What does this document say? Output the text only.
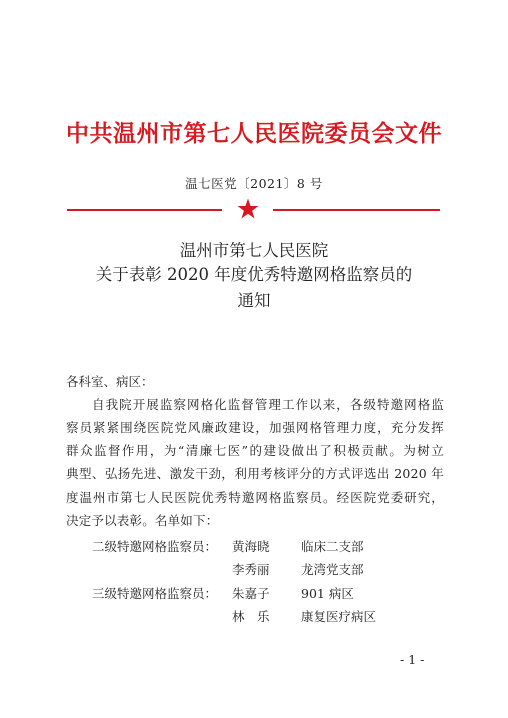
中共温州市第七人民医院委员会文件
温七医党〔2021〕8 号
温州市第七人民医院
关于表彰 2020 年度优秀特邀网格监察员的
通知
各科室、病区：
自我院开展监察网格化监督管理工作以来，各级特邀网格监
察员紧紧围绕医院党风廉政建设，加强网格管理力度，充分发挥
群众监督作用，为“清廉七医”的建设做出了积极贡献。为树立
典型、弘扬先进、激发干劲，利用考核评分的方式评选出 2020 年
度温州市第七人民医院优秀特邀网格监察员。经医院党委研究，
决定予以表彰。名单如下：
二级特邀网格监察员： 黄海晓	临床二支部
李秀丽	龙湾党支部
三级特邀网格监察员： 朱嘉子	901 病区
林　乐	康复医疗病区
- 1 -
